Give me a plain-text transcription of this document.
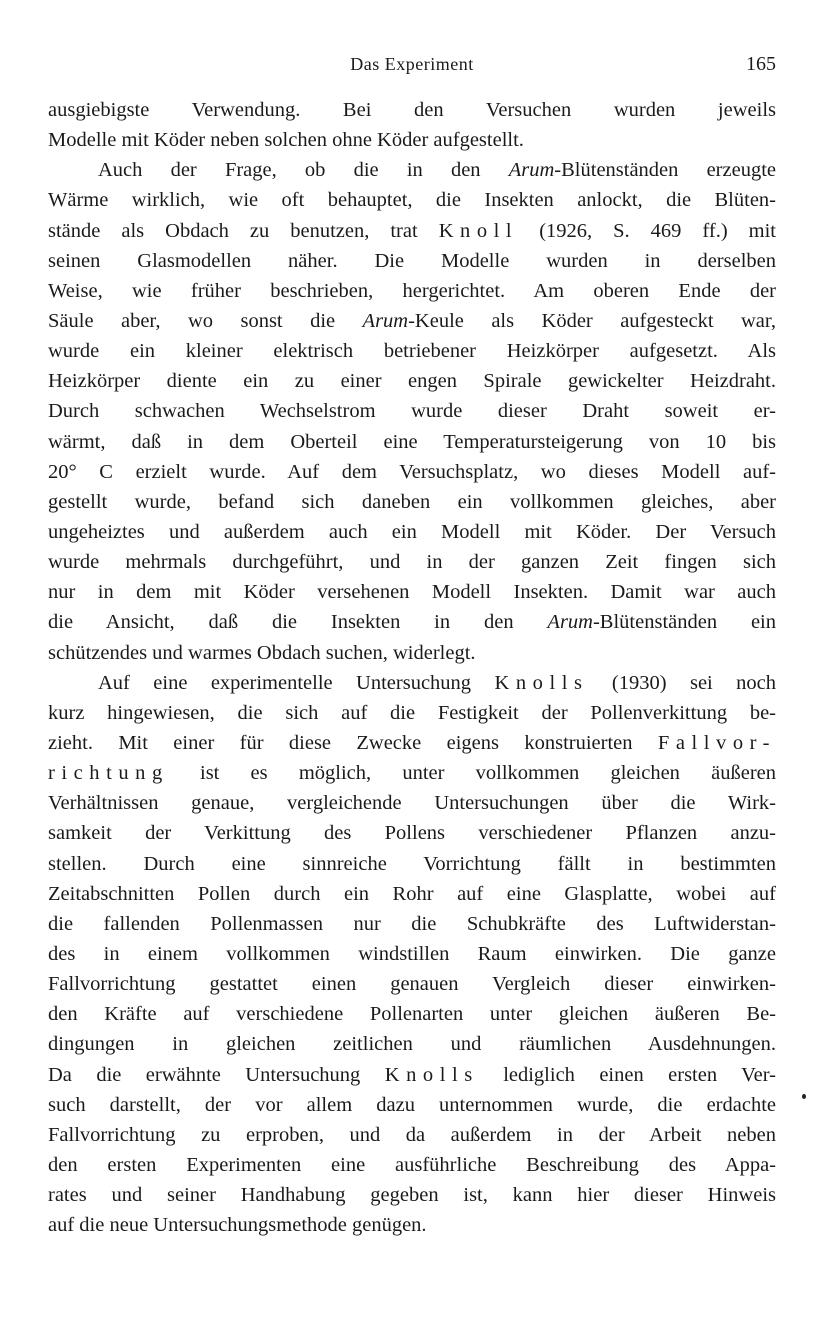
Das Experiment	165
ausgiebigste Verwendung. Bei den Versuchen wurden jeweils
Modelle mit Köder neben solchen ohne Köder aufgestellt.
Auch der Frage, ob die in den Arum-Blütenständen erzeugte
Wärme wirklich, wie oft behauptet, die Insekten anlockt, die Blüten-
stände als Obdach zu benutzen, trat Knoll (1926, S. 469 ff.) mit
seinen Glasmodellen näher. Die Modelle wurden in derselben
Weise, wie früher beschrieben, hergerichtet. Am oberen Ende der
Säule aber, wo sonst die Arum-Keule als Köder aufgesteckt war,
wurde ein kleiner elektrisch betriebener Heizkörper aufgesetzt. Als
Heizkörper diente ein zu einer engen Spirale gewickelter Heizdraht.
Durch schwachen Wechselstrom wurde dieser Draht soweit er-
wärmt, daß in dem Oberteil eine Temperatursteigerung von 10 bis
20° C erzielt wurde. Auf dem Versuchsplatz, wo dieses Modell auf-
gestellt wurde, befand sich daneben ein vollkommen gleiches, aber
ungeheiztes und außerdem auch ein Modell mit Köder. Der Versuch
wurde mehrmals durchgeführt, und in der ganzen Zeit fingen sich
nur in dem mit Köder versehenen Modell Insekten. Damit war auch
die Ansicht, daß die Insekten in den Arum-Blütenständen ein
schützendes und warmes Obdach suchen, widerlegt.
Auf eine experimentelle Untersuchung Knolls (1930) sei noch
kurz hingewiesen, die sich auf die Festigkeit der Pollenverkittung be-
zieht. Mit einer für diese Zwecke eigens konstruierten Fallvor-
richtung ist es möglich, unter vollkommen gleichen äußeren
Verhältnissen genaue, vergleichende Untersuchungen über die Wirk-
samkeit der Verkittung des Pollens verschiedener Pflanzen anzu-
stellen. Durch eine sinnreiche Vorrichtung fällt in bestimmten
Zeitabschnitten Pollen durch ein Rohr auf eine Glasplatte, wobei auf
die fallenden Pollenmassen nur die Schubkräfte des Luftwiderstan-
des in einem vollkommen windstillen Raum einwirken. Die ganze
Fallvorrichtung gestattet einen genauen Vergleich dieser einwirken-
den Kräfte auf verschiedene Pollenarten unter gleichen äußeren Be-
dingungen in gleichen zeitlichen und räumlichen Ausdehnungen.
Da die erwähnte Untersuchung Knolls lediglich einen ersten Ver-
such darstellt, der vor allem dazu unternommen wurde, die erdachte
Fallvorrichtung zu erproben, und da außerdem in der Arbeit neben
den ersten Experimenten eine ausführliche Beschreibung des Appa-
rates und seiner Handhabung gegeben ist, kann hier dieser Hinweis
auf die neue Untersuchungsmethode genügen.
